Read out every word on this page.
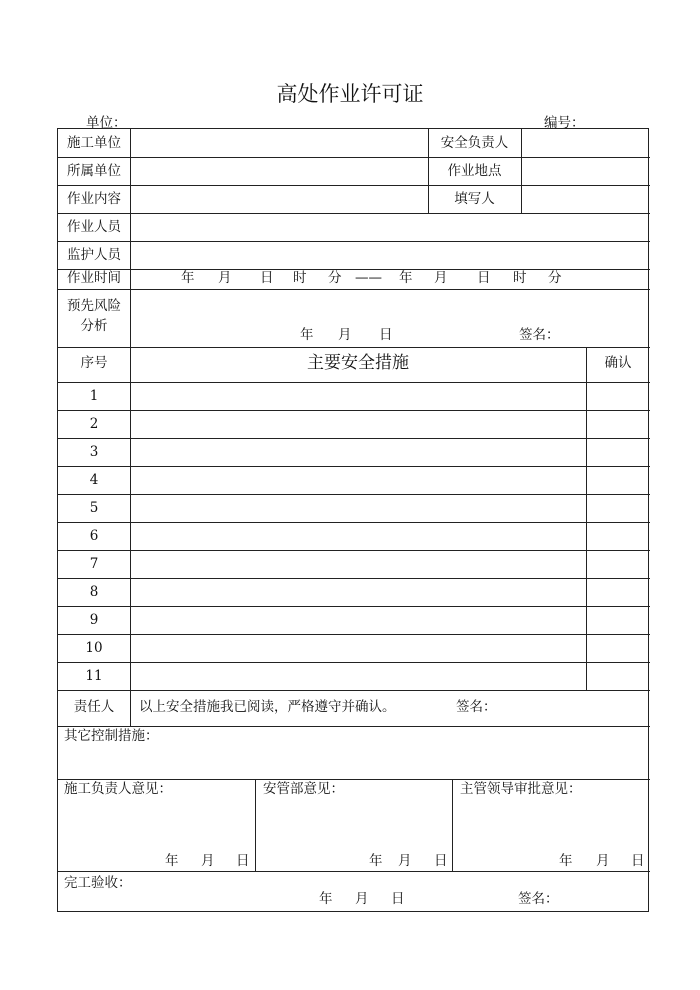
高处作业许可证
单位：	编号：
施工单位	安全负责人
所属单位	作业地点
作业内容	填写人
作业人员
监护人员
作业时间	年 月 日 时 分 —— 年 月 日 时 分
预先风险
分析
年 月 日	签名：
序号	主要安全措施	确认
1
2
3
4
5
6
7
8
9
10
11
责任人	以上安全措施我已阅读，严格遵守并确认。	签名：
其它控制措施：
施工负责人意见：	安管部意见：	主管领导审批意见：
年 月 日	年 月 日	年 月 日
完工验收：
年 月 日	签名：
